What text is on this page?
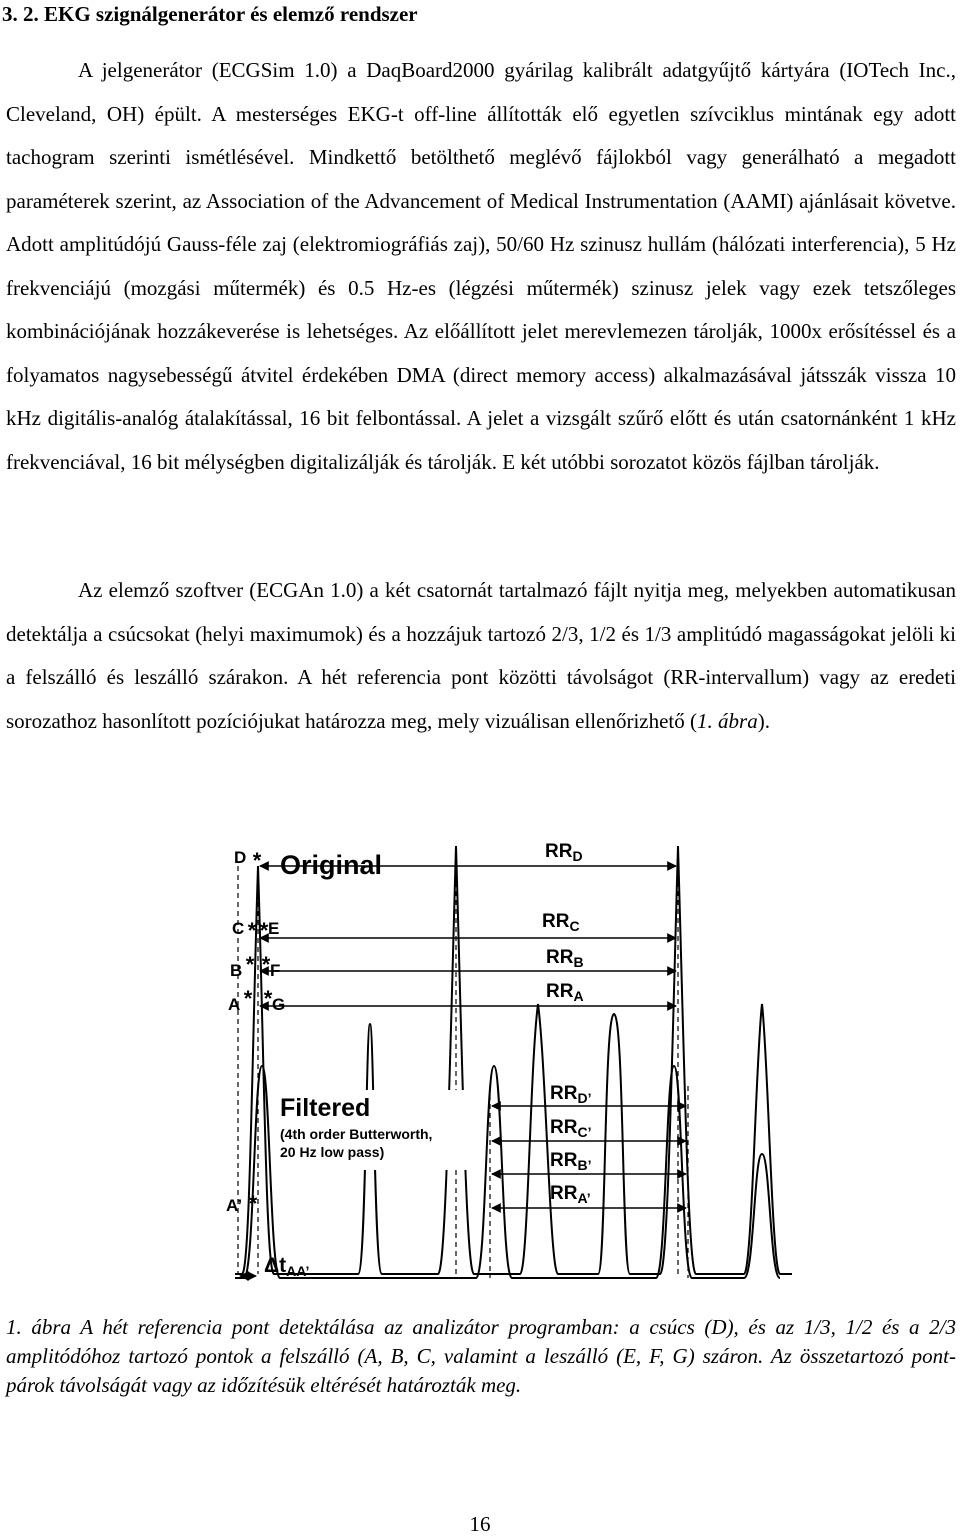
3. 2. EKG szignálgenerátor és elemző rendszer

A jelgenerátor (ECGSim 1.0) a DaqBoard2000 gyárilag kalibrált adatgyűjtő kártyára (IOTech Inc., Cleveland, OH) épült. A mesterséges EKG-t off-line állították elő egyetlen szívciklus mintának egy adott tachogram szerinti ismétlésével. Mindkettő betölthető meglévő fájlokból vagy generálható a megadott paraméterek szerint, az Association of the Advancement of Medical Instrumentation (AAMI) ajánlásait követve. Adott amplitúdójú Gauss-féle zaj (elektromiográfiás zaj), 50/60 Hz szinusz hullám (hálózati interferencia), 5 Hz frekvenciájú (mozgási műtermék) és 0.5 Hz-es (légzési műtermék) szinusz jelek vagy ezek tetszőleges kombinációjának hozzákeverése is lehetséges. Az előállított jelet merevlemezen tárolják, 1000x erősítéssel és a folyamatos nagysebességű átvitel érdekében DMA (direct memory access) alkalmazásával játsszák vissza 10 kHz digitális-analóg átalakítással, 16 bit felbontással. A jelet a vizsgált szűrő előtt és után csatornánként 1 kHz frekvenciával, 16 bit mélységben digitalizálják és tárolják. E két utóbbi sorozatot közös fájlban tárolják.

Az elemző szoftver (ECGAn 1.0) a két csatornát tartalmazó fájlt nyitja meg, melyekben automatikusan detektálja a csúcsokat (helyi maximumok) és a hozzájuk tartozó 2/3, 1/2 és 1/3 amplitúdó magasságokat jelöli ki a felszálló és leszálló szárakon. A hét referencia pont közötti távolságot (RR-intervallum) vagy az eredeti sorozathoz hasonlított pozíciójukat határozza meg, mely vizuálisan ellenőrizhető (1. ábra).

*
* *
* *
* *
*
D
C E
B F
A G
A’
Original
Filtered
(4th order Butterworth,
20 Hz low pass)
$RR_D$
$RR_C$
$RR_B$
$RR_A$
$RR_{D’}$
$RR_{C’}$
$RR_{B’}$
$RR_{A’}$
ΔtAA’

1. ábra A hét referencia pont detektálása az analizátor programban: a csúcs (D), és az 1/3, 1/2 és a 2/3 amplitódóhoz tartozó pontok a felszálló (A, B, C, valamint a leszálló (E, F, G) száron. Az összetartozó pont-párok távolságát vagy az időzítésük eltérését határozták meg.

16
